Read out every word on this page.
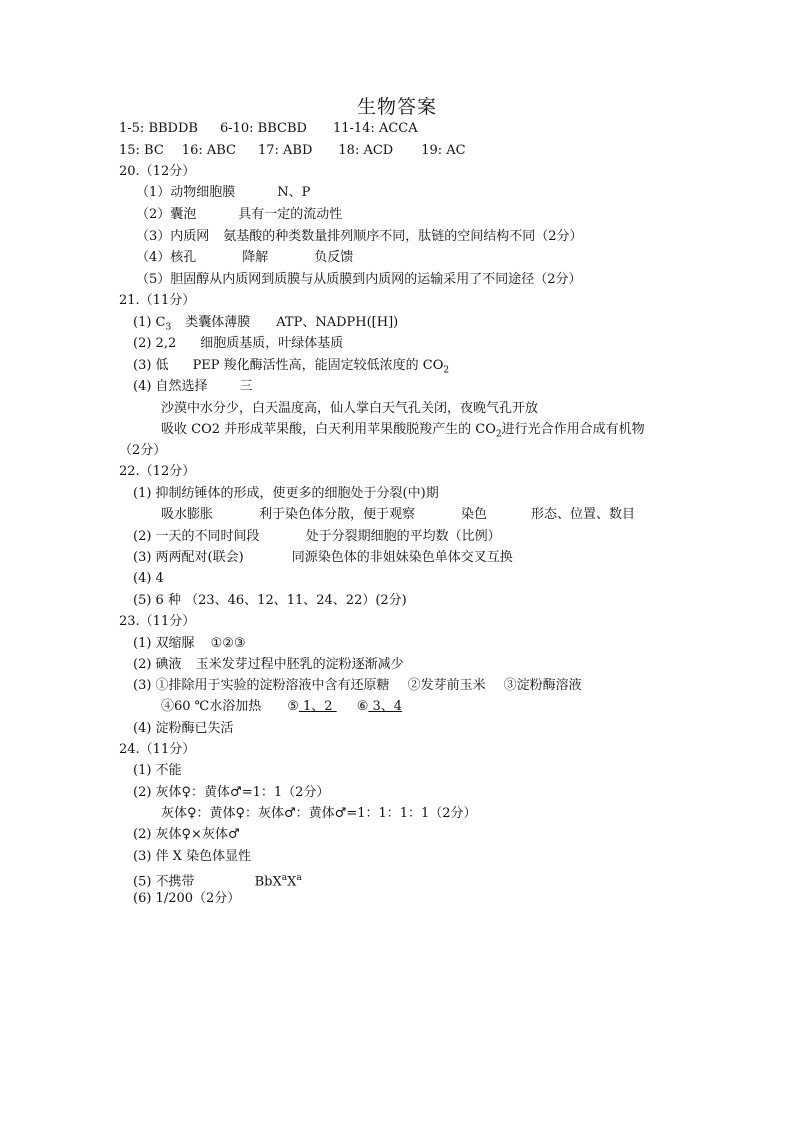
生物答案
1-5: BBDDB 6-10: BBCBD 11-14: ACCA
15: BC 16: ABC 17: ABD 18: ACD 19: AC
20.（12分）
（1）动物细胞膜	N、P
（2）囊泡	具有一定的流动性
（3）内质网 氨基酸的种类数量排列顺序不同，肽链的空间结构不同（2分）
（4）核孔	降解	负反馈
（5）胆固醇从内质网到质膜与从质膜到内质网的运输采用了不同途径（2分）
21.（11分）
(1) $C_3$ 类囊体薄膜 ATP、NADPH([H])
(2) 2,2 细胞质基质，叶绿体基质
(3) 低 PEP 羧化酶活性高，能固定较低浓度的 $CO_2$
(4) 自然选择 三
沙漠中水分少，白天温度高，仙人掌白天气孔关闭，夜晚气孔开放
吸收 CO2 并形成苹果酸，白天利用苹果酸脱羧产生的 $CO_2$进行光合作用合成有机物
（2分）
22.（12分）
(1) 抑制纺锤体的形成，使更多的细胞处于分裂(中)期
吸水膨胀	利于染色体分散，便于观察	染色	形态、位置、数目
(2) 一天的不同时间段	处于分裂期细胞的平均数（比例）
(3) 两两配对(联会)	同源染色体的非姐妹染色单体交叉互换
(4) 4
(5) 6 种 （23、46、12、11、24、22）(2分)
23.（11分）
(1) 双缩脲 ①②③
(2) 碘液 玉米发芽过程中胚乳的淀粉逐渐减少
(3) ①排除用于实验的淀粉溶液中含有还原糖 ②发芽前玉米 ③淀粉酶溶液
④60 ℃水浴加热 ⑤ 1、2 ⑥ 3、4
(4) 淀粉酶已失活
24.（11分）
(1) 不能
(2) 灰体♀：黄体♂=1：1（2分）
灰体♀：黄体♀：灰体♂：黄体♂=1：1：1：1（2分）
(2) 灰体♀×灰体♂
(3) 伴 X 染色体显性
(5) 不携带	$BbX^aX^a$
(6) 1/200（2分）
